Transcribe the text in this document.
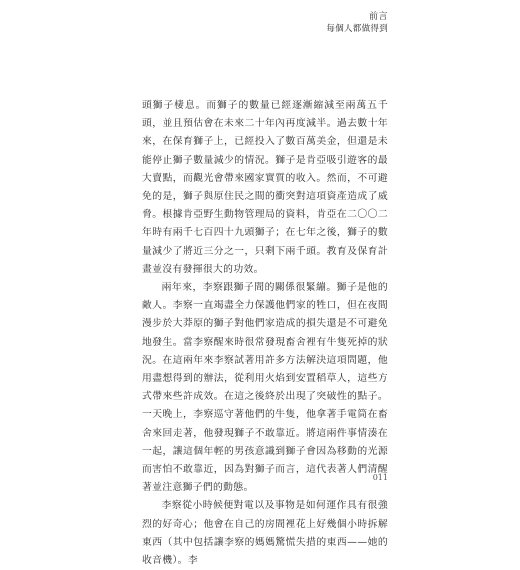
前言
每個人都做得到

頭獅子棲息。而獅子的數量已經逐漸縮減至兩萬五千頭，並且預估會在未來二十年內再度減半。過去數十年來，在保育獅子上，已經投入了數百萬美金，但還是未能停止獅子數量減少的情況。獅子是肯亞吸引遊客的最大賣點，而觀光會帶來國家實質的收入。然而，不可避免的是，獅子與原住民之間的衝突對這項資產造成了威脅。根據肯亞野生動物管理局的資料，肯亞在二〇〇二年時有兩千七百四十九頭獅子；在七年之後，獅子的數量減少了將近三分之一，只剩下兩千頭。教育及保育計畫並沒有發揮很大的功效。

兩年來，李察跟獅子間的關係很緊繃。獅子是他的敵人。李察一直竭盡全力保護他們家的牲口，但在夜間漫步於大莽原的獅子對他們家造成的損失還是不可避免地發生。當李察醒來時很常發現畜舍裡有牛隻死掉的狀況。在這兩年來李察試著用許多方法解決這項問題，他用盡想得到的辦法，從利用火焰到安置稻草人，這些方式帶來些許成效。在這之後終於出現了突破性的點子。一天晚上，李察巡守著他們的牛隻，他拿著手電筒在畜舍來回走著，他發現獅子不敢靠近。將這兩件事情湊在一起，讓這個年輕的男孩意識到獅子會因為移動的光源而害怕不敢靠近，因為對獅子而言，這代表著人們清醒著並注意獅子們的動態。

李察從小時候便對電以及事物是如何運作具有很強烈的好奇心；他會在自己的房間裡花上好幾個小時拆解東西（其中包括讓李察的媽媽驚慌失措的東西——她的收音機）。李

011
